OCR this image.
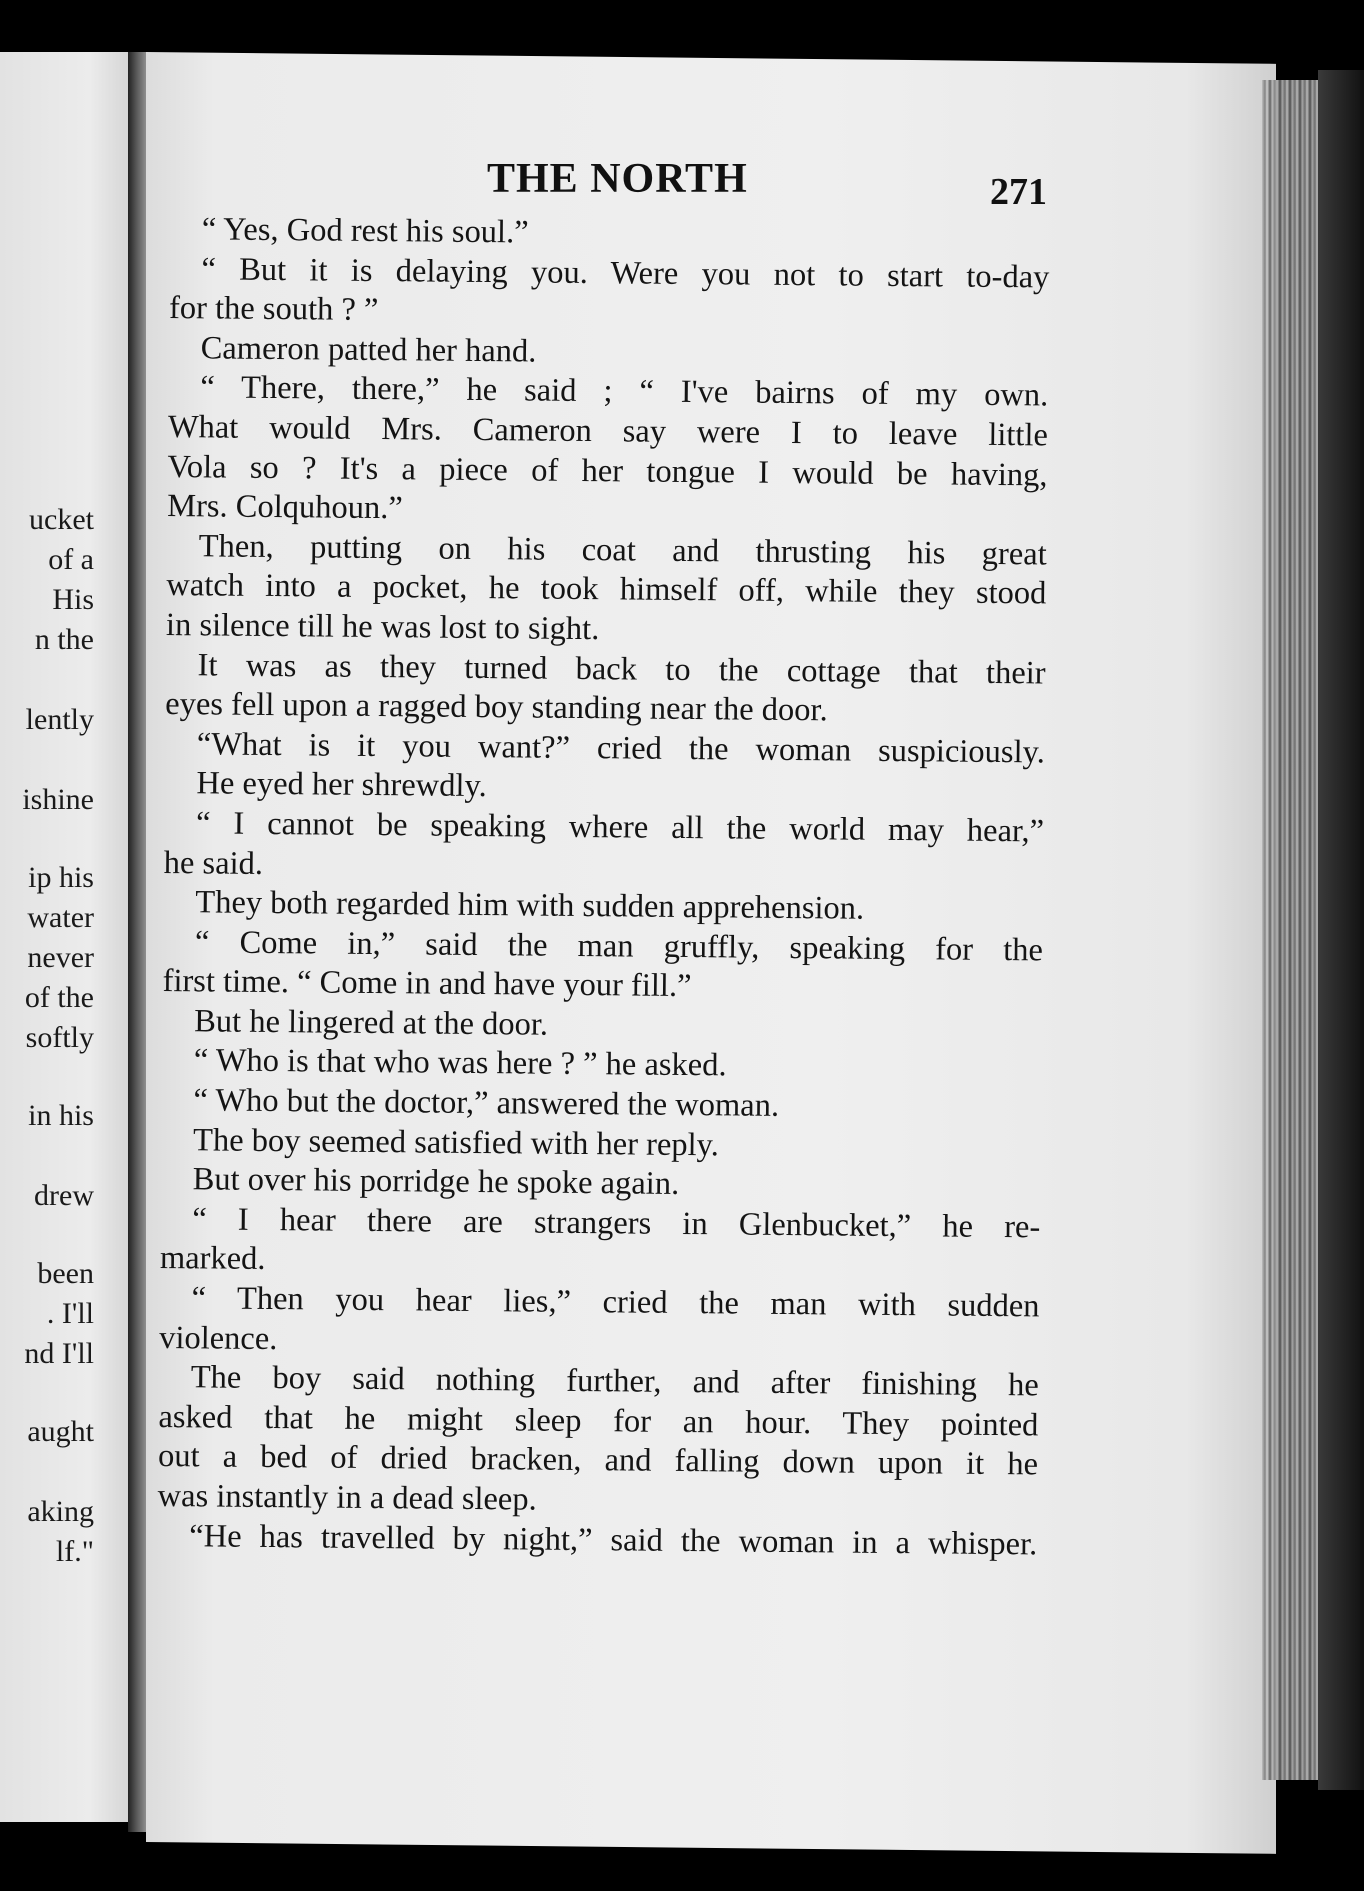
ucket
of a
His
n the
lently
ishine
ip his
water
never
of the
softly
in his
drew
been
. I'll
nd I'll
aught
aking
lf."
THE NORTH	271
“ Yes, God rest his soul.”
“ But it is delaying you. Were you not to start to-day
for the south ? ”
Cameron patted her hand.
“ There, there,” he said ; “ I've bairns of my own.
What would Mrs. Cameron say were I to leave little
Vola so ? It's a piece of her tongue I would be having,
Mrs. Colquhoun.”
Then, putting on his coat and thrusting his great
watch into a pocket, he took himself off, while they stood
in silence till he was lost to sight.
It was as they turned back to the cottage that their
eyes fell upon a ragged boy standing near the door.
“What is it you want?” cried the woman suspiciously.
He eyed her shrewdly.
“ I cannot be speaking where all the world may hear,”
he said.
They both regarded him with sudden apprehension.
“ Come in,” said the man gruffly, speaking for the
first time. “ Come in and have your fill.”
But he lingered at the door.
“ Who is that who was here ? ” he asked.
“ Who but the doctor,” answered the woman.
The boy seemed satisfied with her reply.
But over his porridge he spoke again.
“ I hear there are strangers in Glenbucket,” he re-
marked.
“ Then you hear lies,” cried the man with sudden
violence.
The boy said nothing further, and after finishing he
asked that he might sleep for an hour. They pointed
out a bed of dried bracken, and falling down upon it he
was instantly in a dead sleep.
“He has travelled by night,” said the woman in a whisper.
